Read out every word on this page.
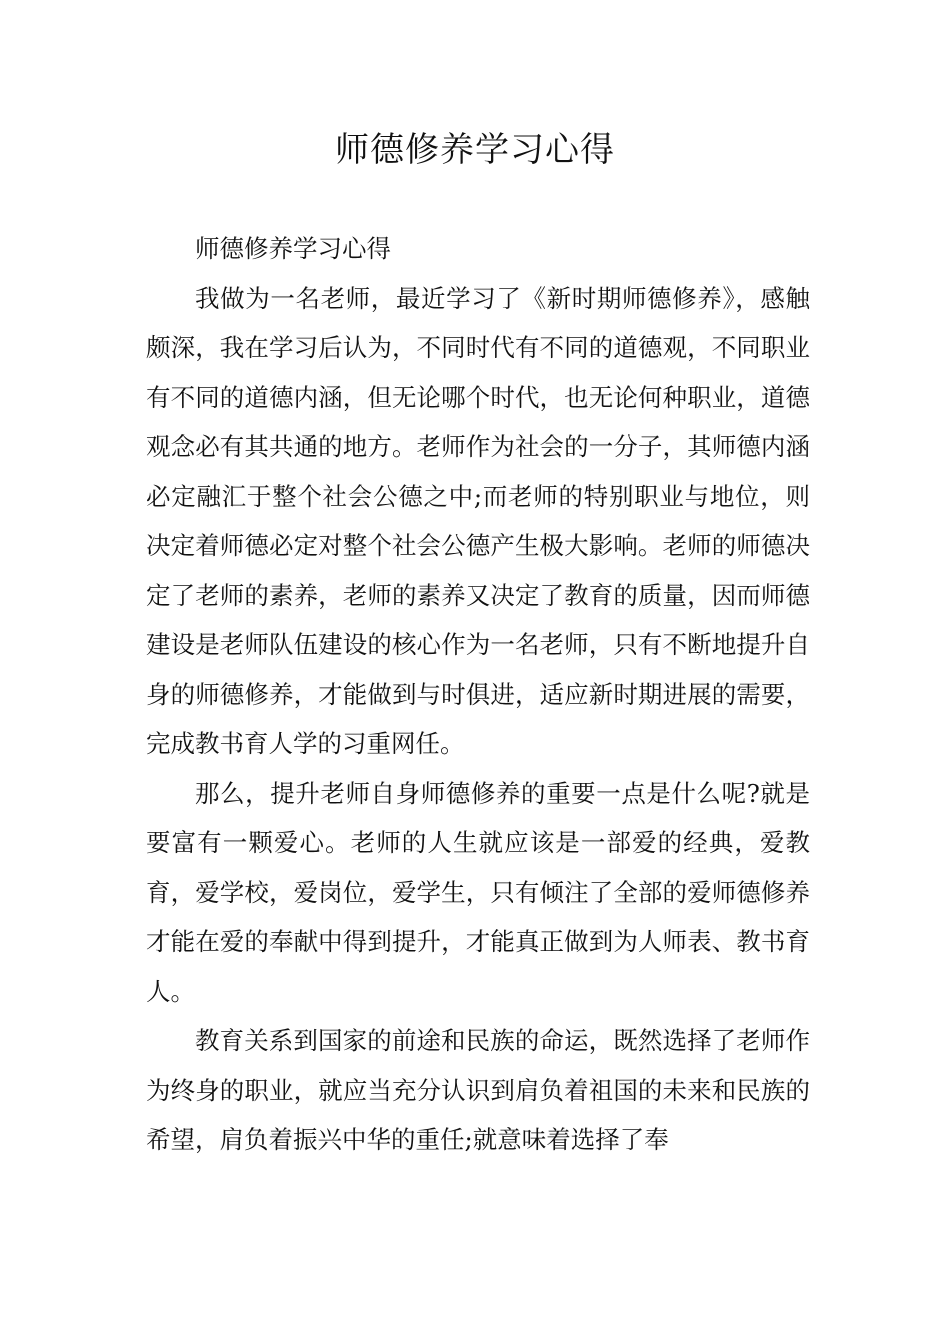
师德修养学习心得

师德修养学习心得

我做为一名老师，最近学习了《新时期师德修养》，感触颇深，我在学习后认为，不同时代有不同的道德观，不同职业有不同的道德内涵，但无论哪个时代，也无论何种职业，道德观念必有其共通的地方。老师作为社会的一分子，其师德内涵必定融汇于整个社会公德之中;而老师的特别职业与地位，则决定着师德必定对整个社会公德产生极大影响。老师的师德决定了老师的素养，老师的素养又决定了教育的质量，因而师德建设是老师队伍建设的核心作为一名老师，只有不断地提升自身的师德修养，才能做到与时俱进，适应新时期进展的需要，完成教书育人学的习重网任。

那么，提升老师自身师德修养的重要一点是什么呢?就是要富有一颗爱心。老师的人生就应该是一部爱的经典，爱教育，爱学校，爱岗位，爱学生，只有倾注了全部的爱师德修养才能在爱的奉献中得到提升，才能真正做到为人师表、教书育人。

教育关系到国家的前途和民族的命运，既然选择了老师作为终身的职业，就应当充分认识到肩负着祖国的未来和民族的希望，肩负着振兴中华的重任;就意味着选择了奉
